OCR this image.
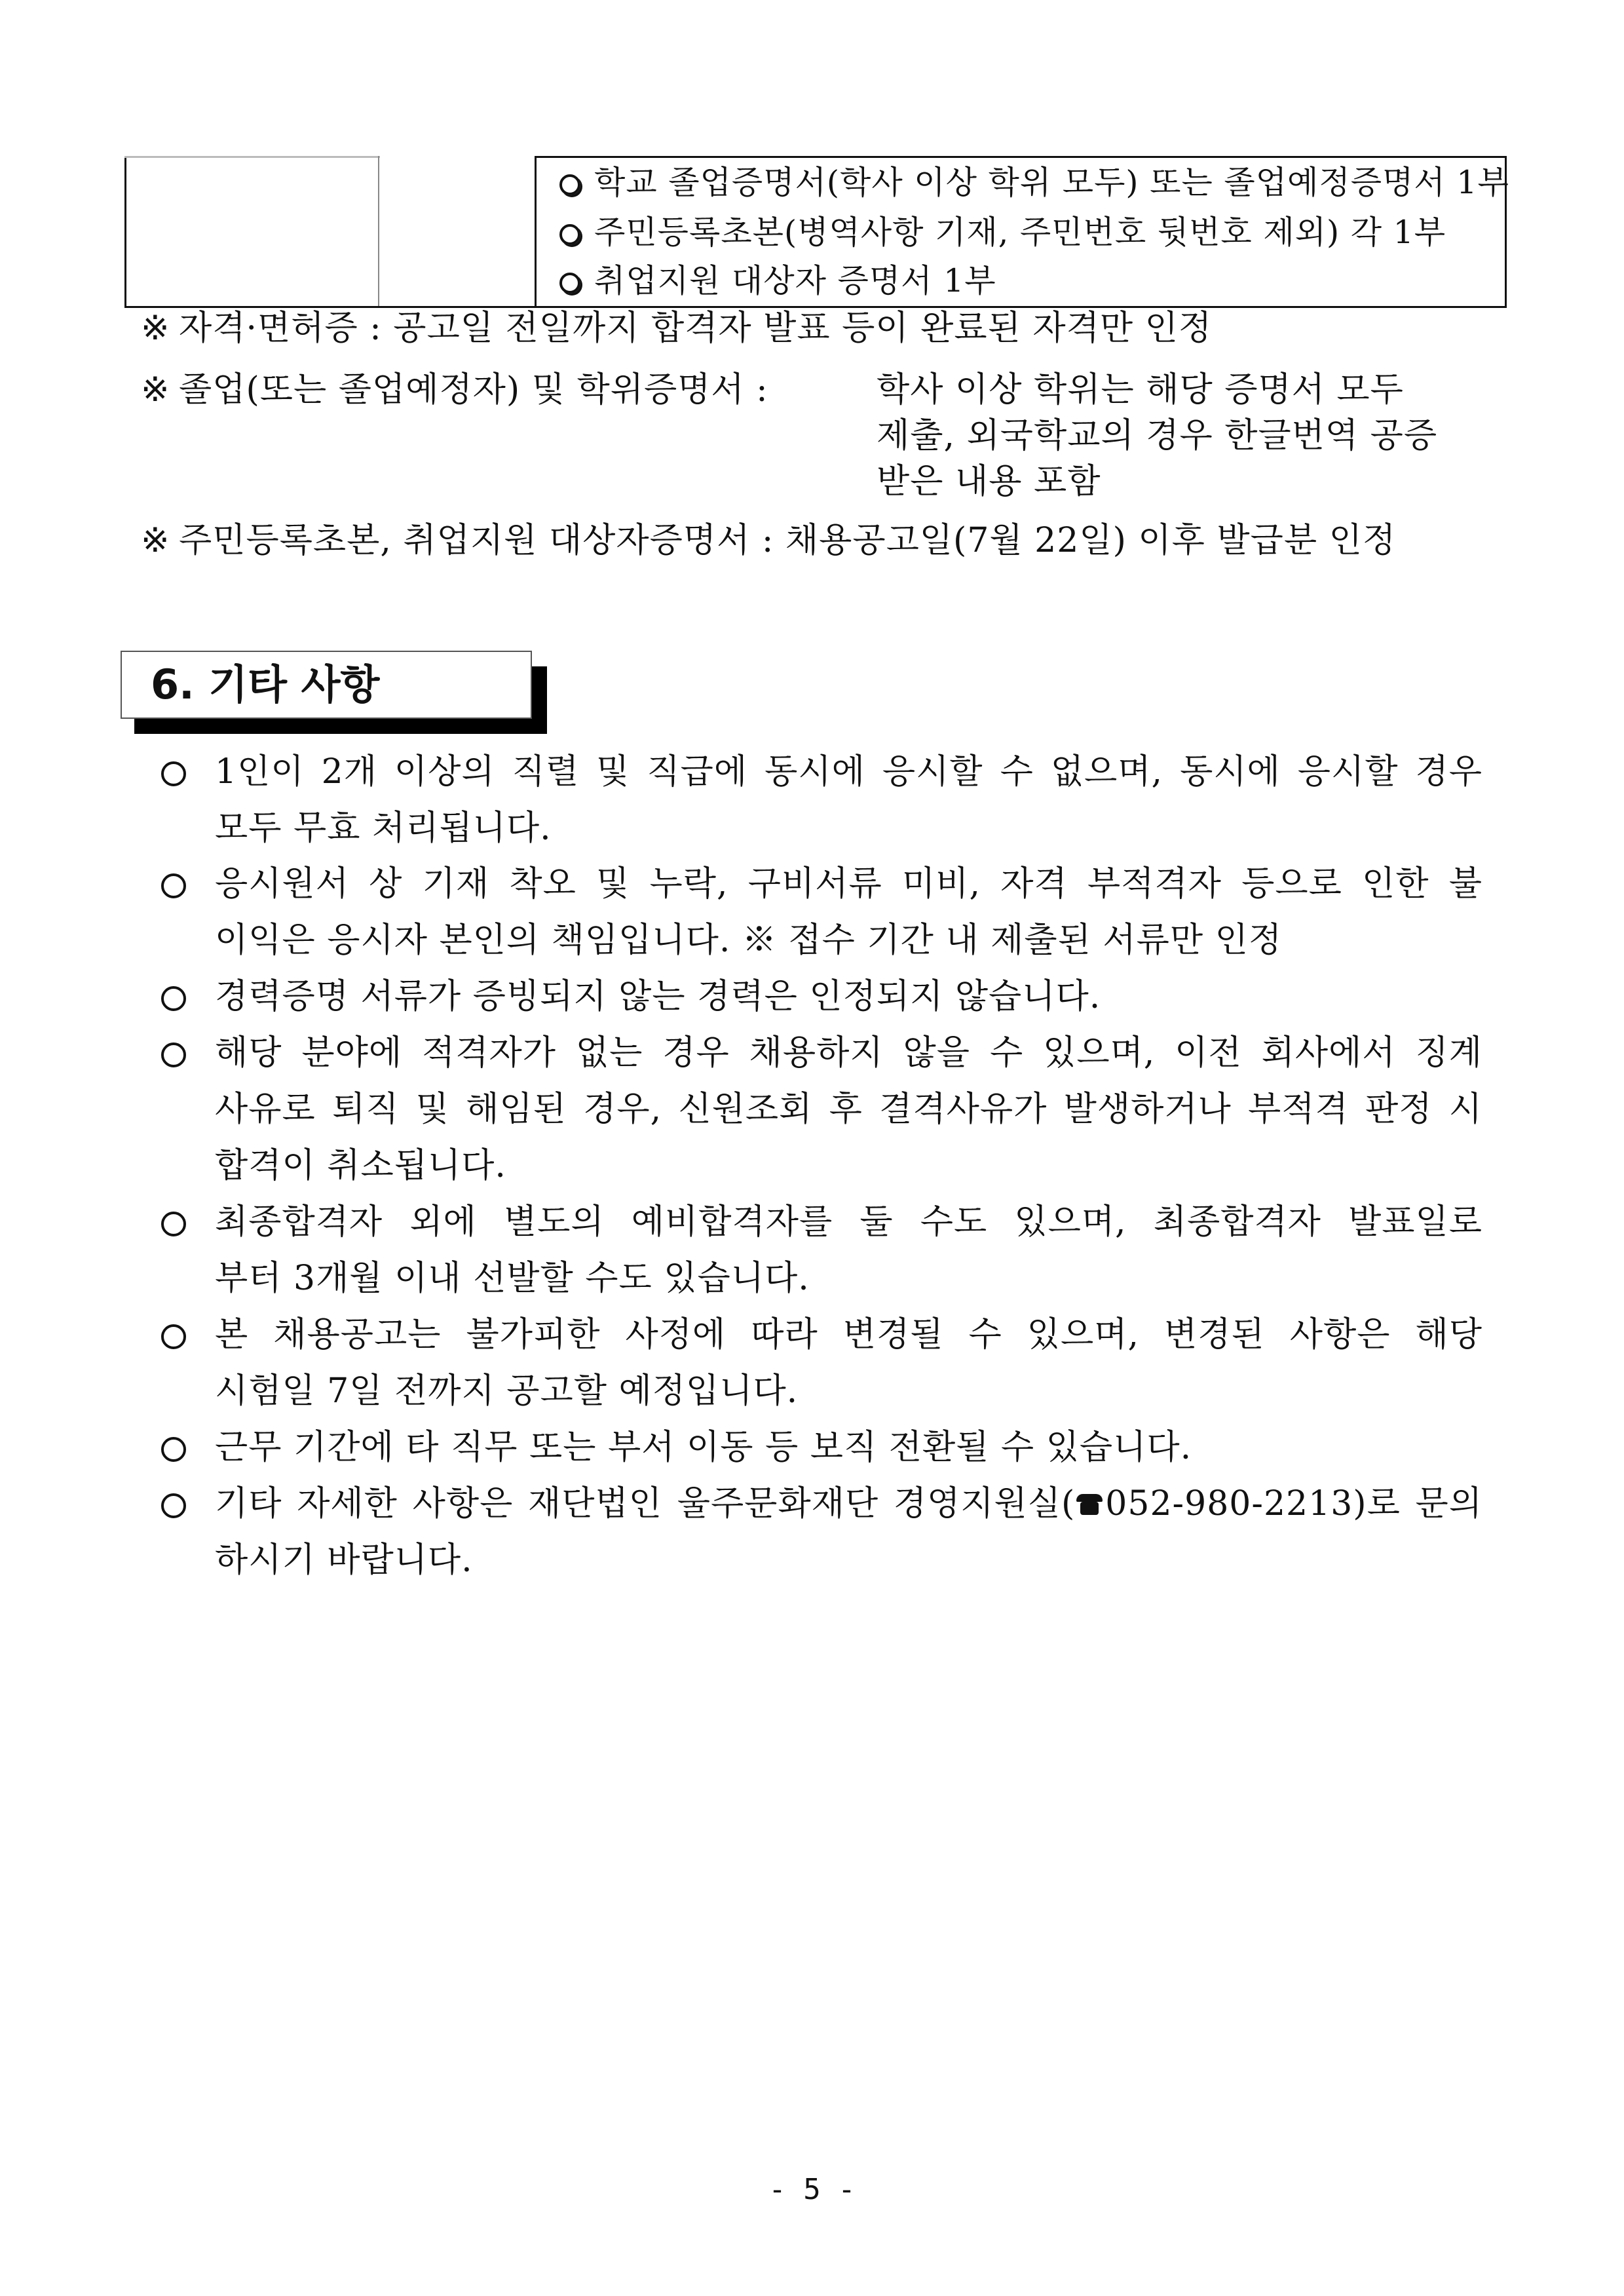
학교 졸업증명서(학사 이상 학위 모두) 또는 졸업예정증명서 1부
주민등록초본(병역사항 기재, 주민번호 뒷번호 제외) 각 1부
취업지원 대상자 증명서 1부
※ 자격·면허증 : 공고일 전일까지 합격자 발표 등이 완료된 자격만 인정
※ 졸업(또는 졸업예정자) 및 학위증명서 :	학사 이상 학위는 해당 증명서 모두
제출, 외국학교의 경우 한글번역 공증
받은 내용 포함
※ 주민등록초본, 취업지원 대상자증명서 : 채용공고일(7월 22일) 이후 발급분 인정
6. 기타 사항
1인이 2개 이상의 직렬 및 직급에 동시에 응시할 수 없으며, 동시에 응시할 경우
모두 무효 처리됩니다.
응시원서 상 기재 착오 및 누락, 구비서류 미비, 자격 부적격자 등으로 인한 불
이익은 응시자 본인의 책임입니다. ※ 접수 기간 내 제출된 서류만 인정
경력증명 서류가 증빙되지 않는 경력은 인정되지 않습니다.
해당 분야에 적격자가 없는 경우 채용하지 않을 수 있으며, 이전 회사에서 징계
사유로 퇴직 및 해임된 경우, 신원조회 후 결격사유가 발생하거나 부적격 판정 시
합격이 취소됩니다.
최종합격자 외에 별도의 예비합격자를 둘 수도 있으며, 최종합격자 발표일로
부터 3개월 이내 선발할 수도 있습니다.
본 채용공고는 불가피한 사정에 따라 변경될 수 있으며, 변경된 사항은 해당
시험일 7일 전까지 공고할 예정입니다.
근무 기간에 타 직무 또는 부서 이동 등 보직 전환될 수 있습니다.
기타 자세한 사항은 재단법인 울주문화재단 경영지원실( 052-980-2213)로 문의
하시기 바랍니다.
- 5 -
